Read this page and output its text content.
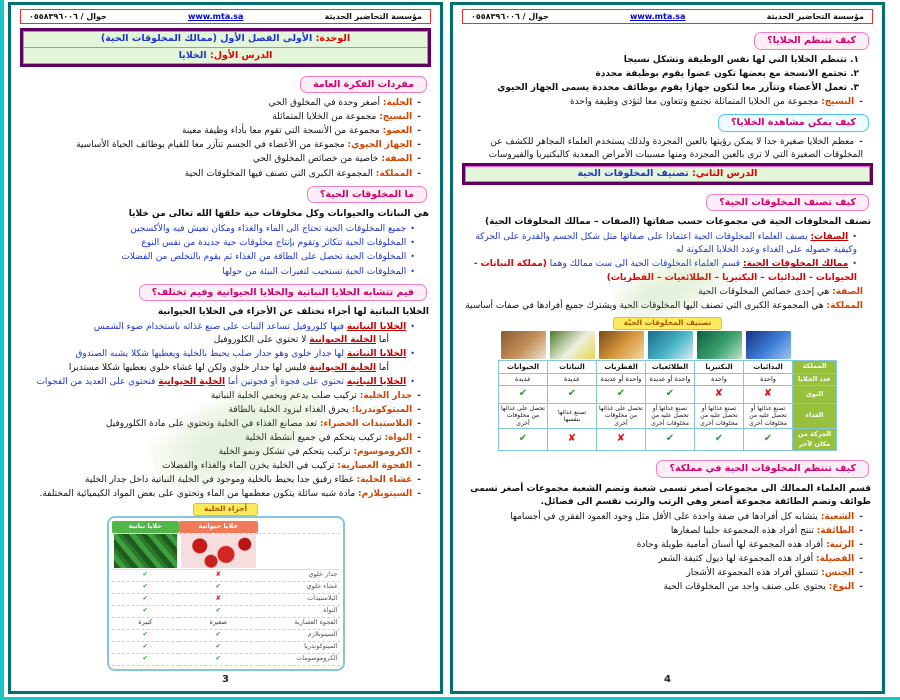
مؤسسة التحاضير الحديثة
www.mta.sa
جوال / ٠٥٥٨٣٩٦٠٠٦
الوحدة: الأولى الفصل الأول (ممالك المخلوقات الحية)
الدرس الأول: الخلايا
مفردات الفكرة العامة
-الخلية: أصغر وحدة في المخلوق الحي
-النسيج: مجموعة من الخلايا المتماثلة
-العضو: مجموعة من الأنسجة التي تقوم معا بأداء وظيفة معينة
-الجهاز الحيوي: مجموعة من الأعضاء في الجسم تتآزر معا للقيام بوظائف الحياة الأساسية
-الصفة: خاصية من خصائص المخلوق الحي
-المملكة: المجموعة الكبرى التي تصنف فيها المخلوقات الحية
ما المخلوقات الحية؟
هي النباتات والحيوانات وكل مخلوقات حية خلقها الله تعالى من خلايا
•جميع المخلوقات الحية تحتاج الى الماء والغذاء ومكان تعيش فيه والأكسجين
•المخلوقات الحية تتكاثر وتقوم بإنتاج مخلوقات حية جديدة من نفس النوع
•المخلوقات الحية تحصل على الطاقة من الغذاء ثم يقوم بالتخلص من الفضلات
•المخلوقات الحية تستجيب لتغيرات البيئة من حولها
فيم تتشابه الخلايا النباتية والخلايا الحيوانية وفيم تختلف؟
الخلايا النباتية لها أجزاء تختلف عن الأجزاء في الخلايا الحيوانية
•الخلايا النباتية فيها كلوروفيل تساعد النبات على صنع غذائه باستخدام ضوء الشمس
أما الخلية الحيوانية لا تحتوي على الكلوروفيل
•الخلايا النباتية لها جدار خلوي وهو جدار صلب يحيط بالخلية ويعطيها شكلا يشبه الصندوق
أما الخلية الحيوانية فليس لها جدار خلوي ولكن لها غشاء خلوي يعطيها شكلا مستديرا
•الخلايا النباتية تحتوي على فجوة أو فجوتين أما الخلية الحيوانية فتحتوي على العديد من الفجوات
-جدار الخلية: تركيب صلب يدعم ويحمي الخلية النباتية
-الميتوكوندريا: يحرق الغذاء ليزود الخلية بالطاقة
-البلاستيدات الخضراء: تعد مصانع الغذاء في الخلية وتحتوي على مادة الكلوروفيل
-النواة: تركيب يتحكم في جميع أنشطة الخلية
-الكروموسوم: تركيب يتحكم في تشكل ونمو الخلية
-الفجوة العصارية: تركيب في الخلية يخزن الماء والغذاء والفضلات
-غشاء الخلية: غطاء رقيق جدا يحيط بالخلية وموجود في الخلية النباتية داخل جدار الخلية
-السيتوبلازم: مادة شبه سائلة يتكون معظمها من الماء وتحتوي على بعض المواد الكيميائية المختلفة.
أجزاء الخلية
	خلايا حيوانية	خلايا نباتية

جدار خلوي	✘	✔
غشاء خلوي	✔	✔
البلاستيدات	✘	✔
النواة	✔	✔
الفجوة العصارية	صغيرة	كبيرة
السيتوبلازم	✔	✔
الميتوكوندريا	✔	✔
الكروموسومات	✔	✔
3
مؤسسة التحاضير الحديثة
www.mta.sa
جوال / ٠٥٥٨٣٩٦٠٠٦
كيف تتنظم الخلايا؟
١. تتنظم الخلايا التي لها نفس الوظيفة وتشكل نسيجا
٢. تجتمع الانسجة مع بعضها تكون عضوا يقوم بوظيفة محددة
٣. تعمل الأعضاء وتتآزر معا لتكون جهازا يقوم بوظائف محددة يسمى الجهاز الحيوي
-النسيج: مجموعة من الخلايا المتماثلة تجتمع وتتعاون معا لتؤدي وظيفة واحدة
كيف يمكن مشاهدة الخلايا؟
-معظم الخلايا صغيرة جدا لا يمكن رؤيتها بالعين المجردة ولذلك يستخدم العلماء المجاهر للكشف عن المخلوقات الصغيرة التي لا ترى بالعين المجردة ومنها مسببات الأمراض المعدية كالبكتيريا والفيروسات
الدرس الثاني: تصنيف المخلوقات الحية
كيف تصنف المخلوقات الحية؟
تصنف المخلوقات الحية في مجموعات حسب صفاتها (الصفات – ممالك المخلوقات الحية)
•الصفات: يصنف العلماء المخلوقات الحية اعتمادا على صفاتها مثل شكل الجسم والقدرة على الحركة وكيفية حصوله على الغذاء وعدد الخلايا المكونة له
•ممالك المخلوقات الحية: قسم العلماء المخلوقات الحية الى ست ممالك وهما (مملكة النباتات - الحيوانات - البدائيات – البكتيريا – الطلائعيات – الفطريات)
الصفة: هي إحدى خصائص المخلوقات الحية
المملكة: هي المجموعة الكبرى التي تصنف اليها المخلوقات الحية ويشترك جميع أفرادها في صفات أساسية
تصنيف المخلوقات الحيّة

المملكة	البدائيات	البكتيريا	الطلائعيات	الفطريات	النباتات	الحيوانات
عدد الخلايا	واحدة	واحدة	واحدة أو عديدة	واحدة أو عديدة	عديدة	عديدة
النوى	✘	✘	✔	✔	✔	✔
الغذاء	تصنع غذائها أو تحصل عليه من مخلوقات أخرى	تصنع غذائها أو تحصل عليه من مخلوقات أخرى	تصنع غذائها أو تحصل عليه من مخلوقات أخرى	تحصل على غذائها من مخلوقات أخرى	تصنع غذائها بنفسها	تحصل على غذائها من مخلوقات أخرى
الحركة من مكان لآخر	✔	✔	✔	✘	✘	✔
كيف تنتظم المخلوقات الحية في مملكة؟
قسم العلماء الممالك الى مجموعات أصغر تسمى شعبة وتضم الشعبة مجموعات أصغر تسمى طوائف وتضم الطائفة مجموعة أصغر وهي الرتب والرتب تقسم الى فصائل.
-الشعبة: يتشابه كل أفرادها في صفة واحدة على الأقل مثل وجود العمود الفقري في أجسامها
-الطائفة: تنتج أفراد هذه المجموعة حليبا لصغارها
-الرتبة: أفراد هذه المجموعة لها أسنان أمامية طويلة وحادة
-الفصيلة: أفراد هذه المجموعة لها ذيول كثيفة الشعر
-الجنس: تتسلق أفراد هذه المجموعة الأشجار
-النوع: يحتوي على صنف واحد من المخلوقات الحية
4
